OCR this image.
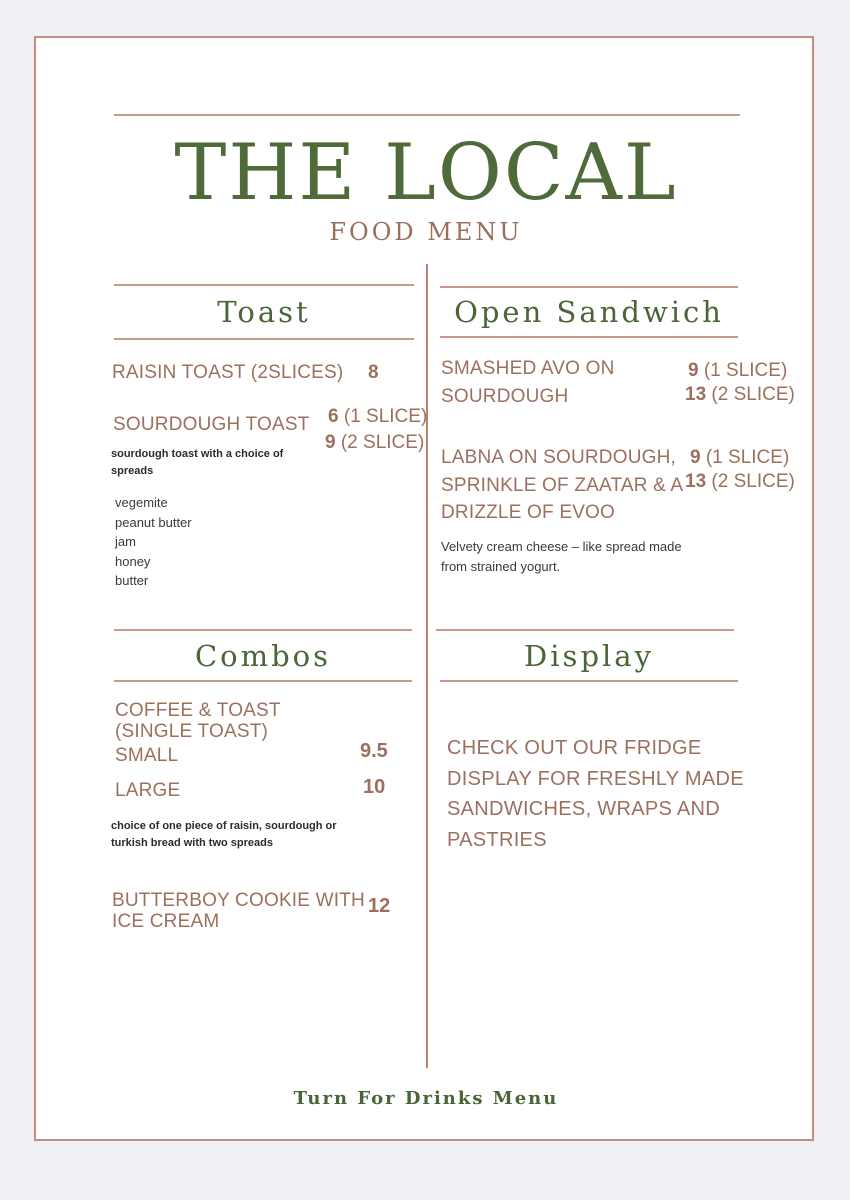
THE LOCAL
FOOD MENU
Toast
RAISIN TOAST (2SLICES) 8
SOURDOUGH TOAST 6 (1 SLICE)
9 (2 SLICE)
sourdough toast with a choice of spreads
vegemite
peanut butter
jam
honey
butter
Open Sandwich
SMASHED AVO ON
SOURDOUGH
9 (1 SLICE)
13 (2 SLICE)
LABNA ON SOURDOUGH,
SPRINKLE OF ZAATAR & A
DRIZZLE OF EVOO
9 (1 SLICE)
13 (2 SLICE)
Velvety cream cheese – like spread made
from strained yogurt.
Combos
COFFEE & TOAST
(SINGLE TOAST)
SMALL	9.5
LARGE	10
choice of one piece of raisin, sourdough or
turkish bread with two spreads
BUTTERBOY COOKIE WITH
ICE CREAM
12
Display
CHECK OUT OUR FRIDGE
DISPLAY FOR FRESHLY MADE
SANDWICHES, WRAPS AND
PASTRIES
Turn For Drinks Menu
